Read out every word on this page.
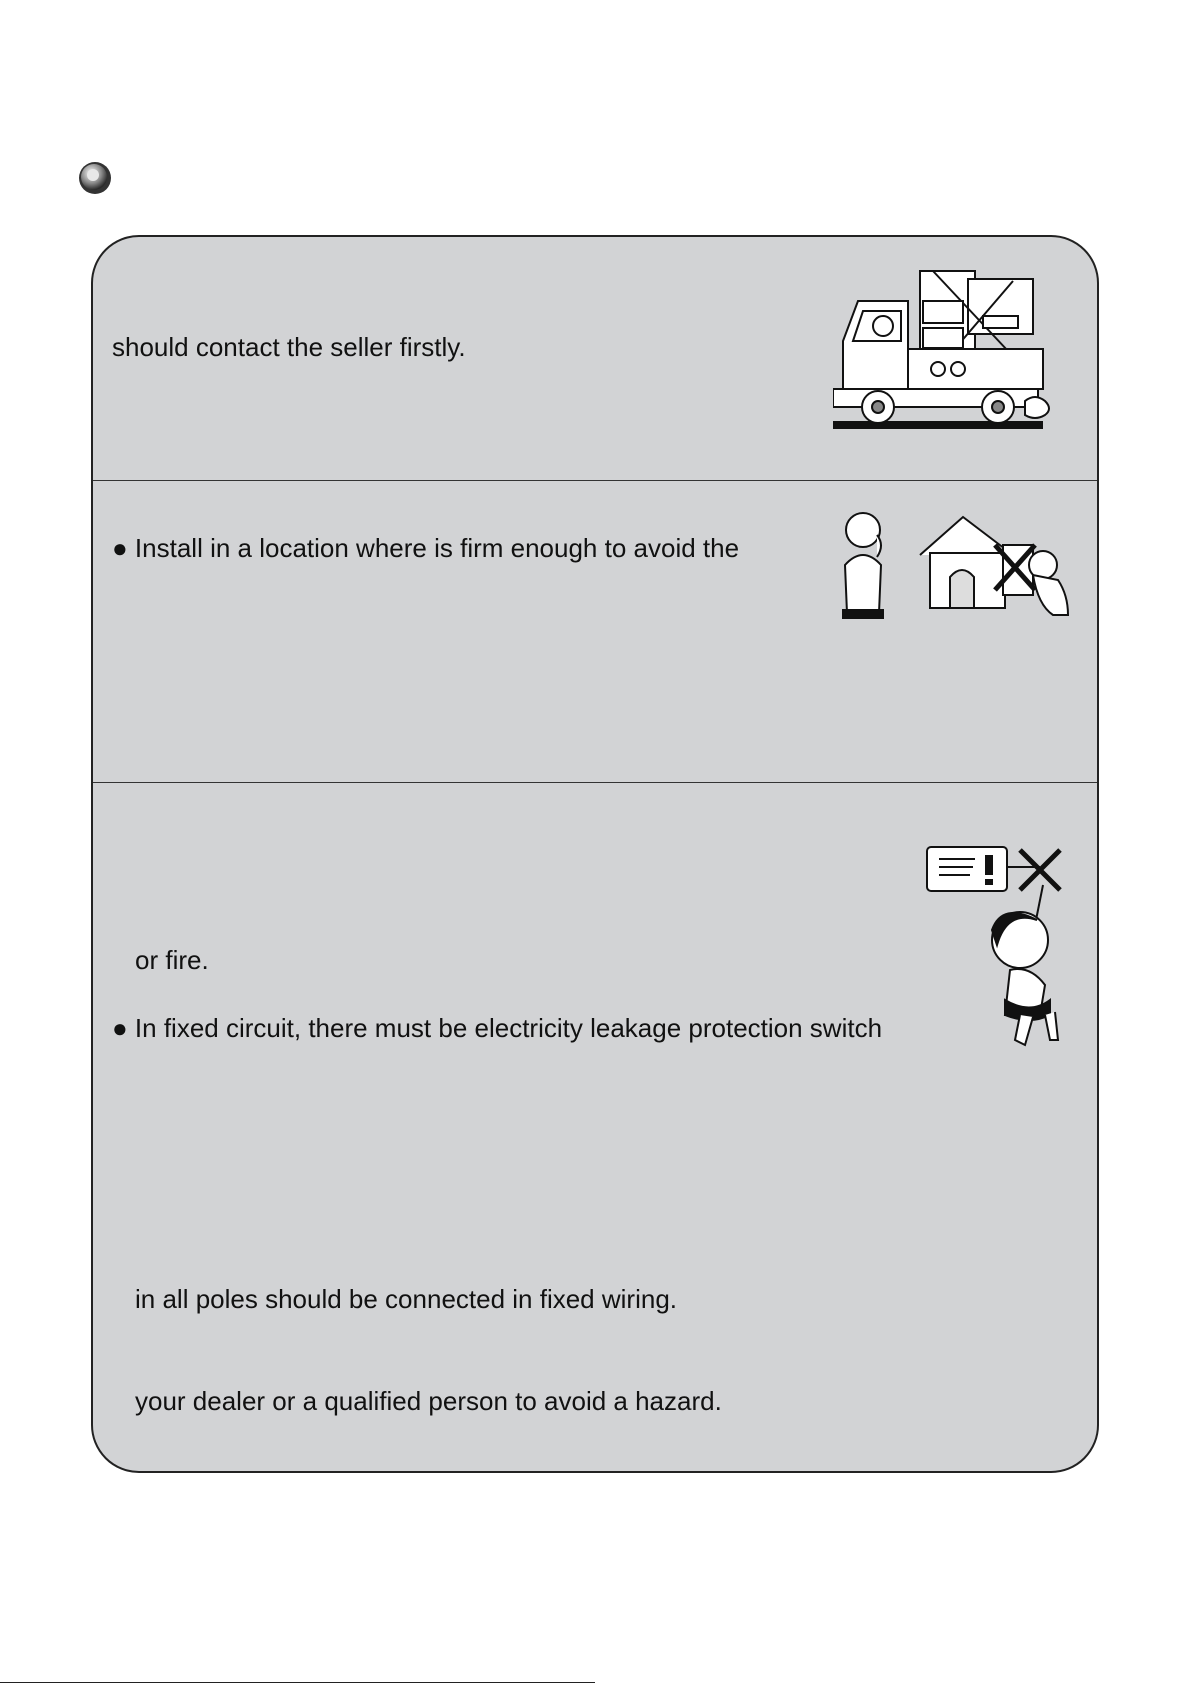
should contact the seller firstly.
● Install in a location where is firm enough to avoid the
or fire.
● In fixed circuit, there must be electricity leakage protection switch
in all poles should be connected in fixed wiring.
your dealer or a qualified person to avoid a hazard.
